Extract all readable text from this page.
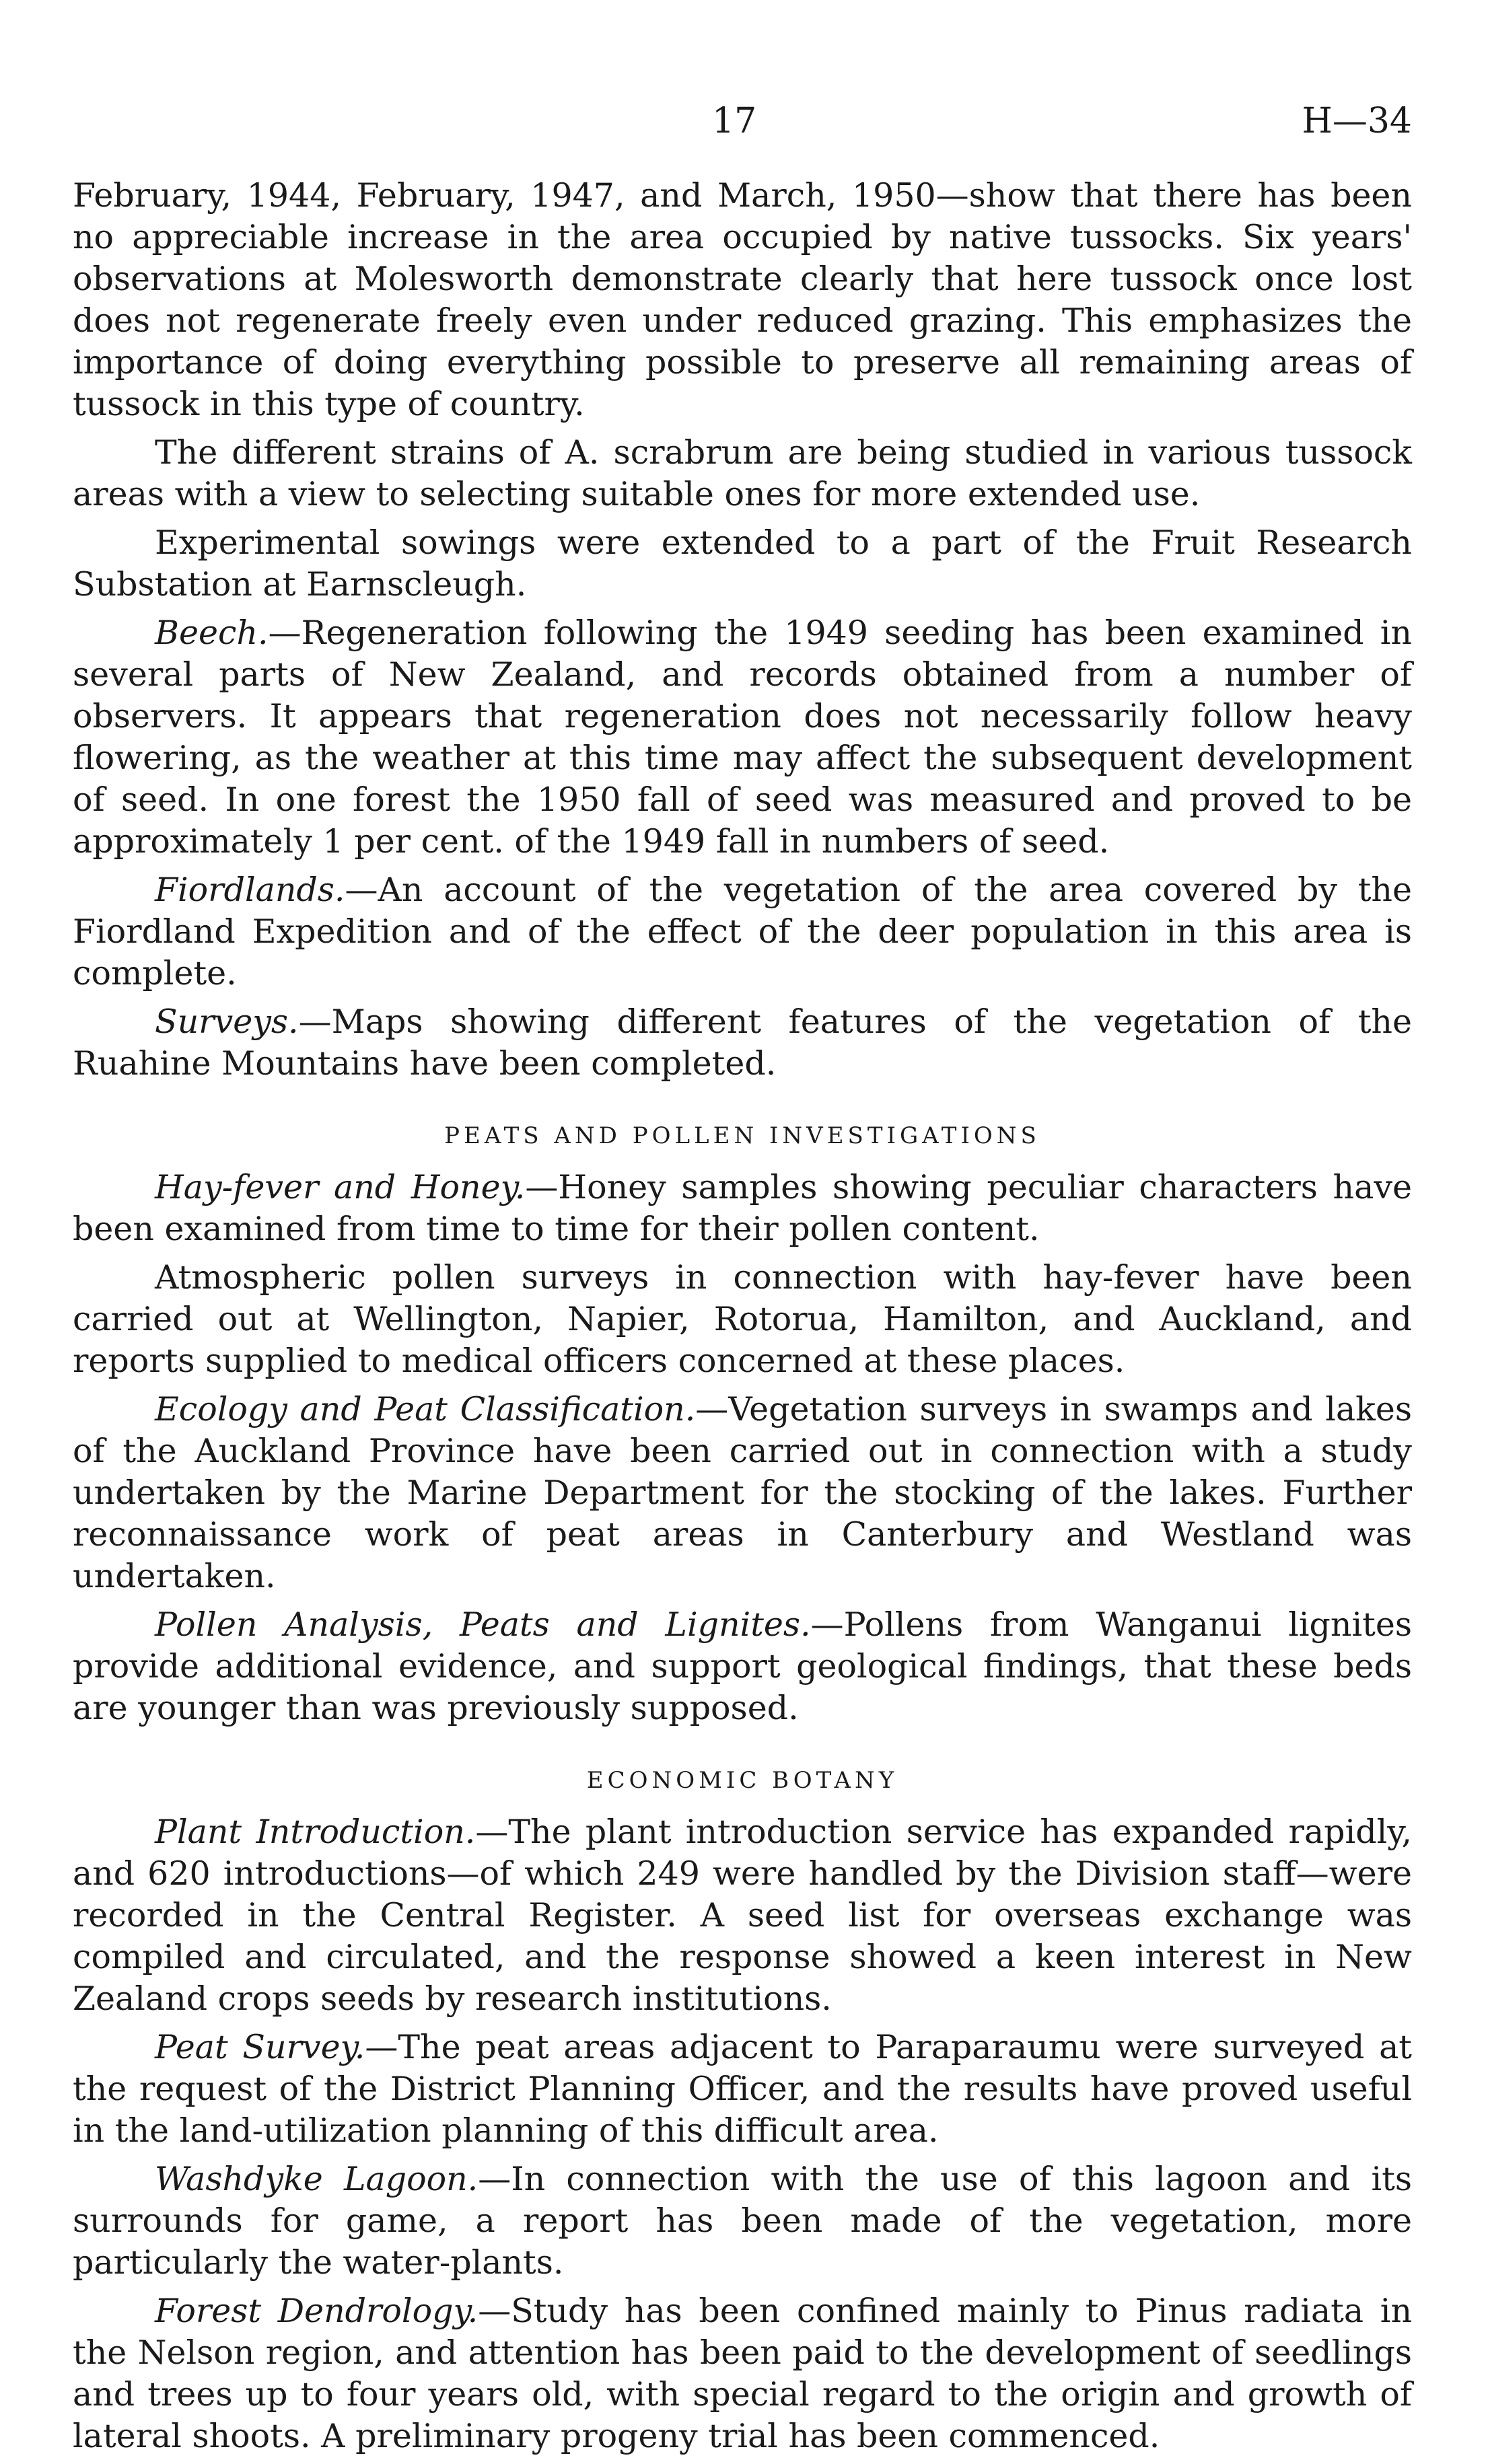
17	H—34

February, 1944, February, 1947, and March, 1950—show that there has been no appreciable increase in the area occupied by native tussocks. Six years' observations at Molesworth demonstrate clearly that here tussock once lost does not regenerate freely even under reduced grazing. This emphasizes the importance of doing everything possible to preserve all remaining areas of tussock in this type of country.

The different strains of A. scrabrum are being studied in various tussock areas with a view to selecting suitable ones for more extended use.

Experimental sowings were extended to a part of the Fruit Research Substation at Earnscleugh.

Beech.—Regeneration following the 1949 seeding has been examined in several parts of New Zealand, and records obtained from a number of observers. It appears that regeneration does not necessarily follow heavy flowering, as the weather at this time may affect the subsequent development of seed. In one forest the 1950 fall of seed was measured and proved to be approximately 1 per cent. of the 1949 fall in numbers of seed.

Fiordlands.—An account of the vegetation of the area covered by the Fiordland Expedition and of the effect of the deer population in this area is complete.

Surveys.—Maps showing different features of the vegetation of the Ruahine Mountains have been completed.

PEATS AND POLLEN INVESTIGATIONS

Hay-fever and Honey.—Honey samples showing peculiar characters have been examined from time to time for their pollen content.

Atmospheric pollen surveys in connection with hay-fever have been carried out at Wellington, Napier, Rotorua, Hamilton, and Auckland, and reports supplied to medical officers concerned at these places.

Ecology and Peat Classification.—Vegetation surveys in swamps and lakes of the Auckland Province have been carried out in connection with a study undertaken by the Marine Department for the stocking of the lakes. Further reconnaissance work of peat areas in Canterbury and Westland was undertaken.

Pollen Analysis, Peats and Lignites.—Pollens from Wanganui lignites provide additional evidence, and support geological findings, that these beds are younger than was previously supposed.

ECONOMIC BOTANY

Plant Introduction.—The plant introduction service has expanded rapidly, and 620 introductions—of which 249 were handled by the Division staff—were recorded in the Central Register. A seed list for overseas exchange was compiled and circulated, and the response showed a keen interest in New Zealand crops seeds by research institutions.

Peat Survey.—The peat areas adjacent to Paraparaumu were surveyed at the request of the District Planning Officer, and the results have proved useful in the land-utilization planning of this difficult area.

Washdyke Lagoon.—In connection with the use of this lagoon and its surrounds for game, a report has been made of the vegetation, more particularly the water-plants.

Forest Dendrology.—Study has been confined mainly to Pinus radiata in the Nelson region, and attention has been paid to the development of seedlings and trees up to four years old, with special regard to the origin and growth of lateral shoots. A preliminary progeny trial has been commenced.
